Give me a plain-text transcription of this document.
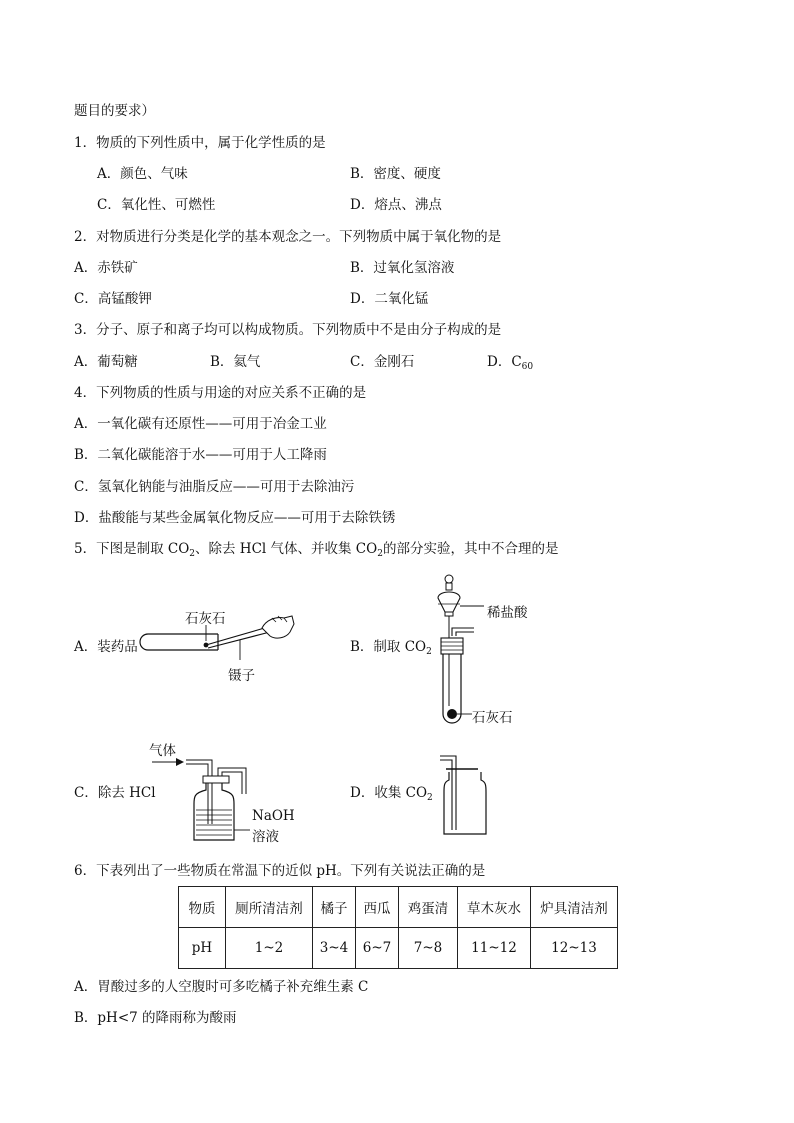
题目的要求）
1．物质的下列性质中，属于化学性质的是
A．颜色、气味	B．密度、硬度
C．氧化性、可燃性	D．熔点、沸点
2．对物质进行分类是化学的基本观念之一。下列物质中属于氧化物的是
A．赤铁矿	B．过氧化氢溶液
C．高锰酸钾	D．二氧化锰
3．分子、原子和离子均可以构成物质。下列物质中不是由分子构成的是
A．葡萄糖	B．氦气	C．金刚石	D．$C_{60}$
4．下列物质的性质与用途的对应关系不正确的是
A．一氧化碳有还原性——可用于冶金工业
B．二氧化碳能溶于水——可用于人工降雨
C．氢氧化钠能与油脂反应——可用于去除油污
D．盐酸能与某些金属氧化物反应——可用于去除铁锈
5．下图是制取 $CO_2$、除去 HCl 气体、并收集 $CO_2$的部分实验，其中不合理的是
A．装药品
石灰石
镊子
B．制取 $CO_2$
稀盐酸
石灰石
C．除去 HCl
气体
NaOH
溶液
D．收集 $CO_2$
6．下表列出了一些物质在常温下的近似 pH。下列有关说法正确的是
物质	厕所清洁剂	橘子	西瓜	鸡蛋清	草木灰水	炉具清洁剂
pH	1~2	3~4	6~7	7~8	11~12	12~13
A．胃酸过多的人空腹时可多吃橘子补充维生素 C
B．pH<7 的降雨称为酸雨
